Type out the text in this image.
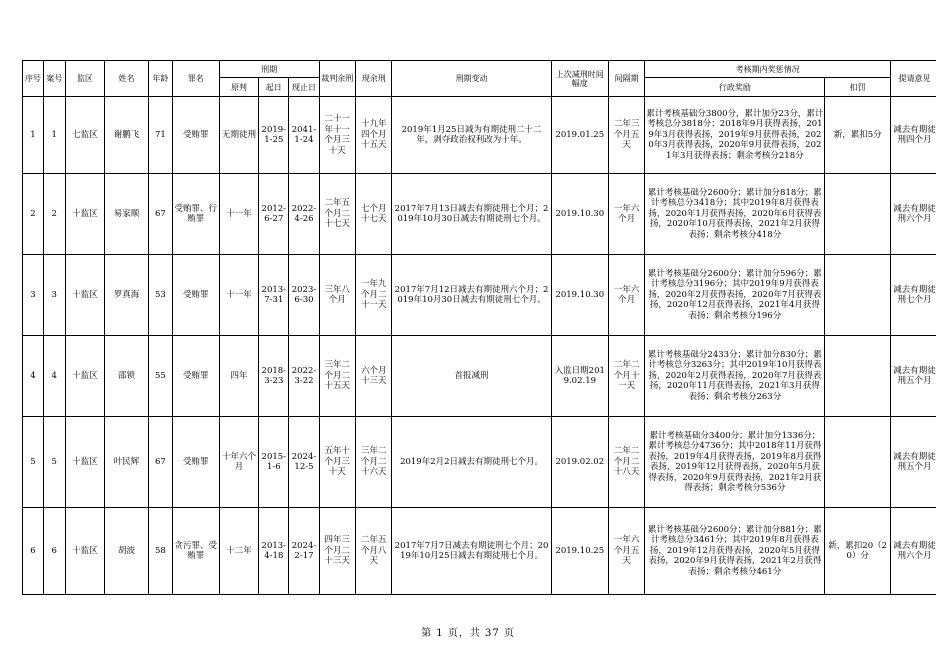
序号	案号	监区	姓名	年龄	罪名	刑期			裁判余刑	现余刑	刑期变动	上次减刑时间幅度	间隔期	考核期内奖惩情况		提请意见
						原判	起日	现止日						行政奖励	扣罚	
1	1	七监区	谢鹏飞	71	受贿罪	无期徒刑	2019-1-25	2041-1-24	二十一年十一个月三十天	十九年四个月十五天	2019年1月25日减为有期徒刑二十二年，剥夺政治权利改为十年。	2019.01.25	二年三个月五天	累计考核基础分3800分，累计加分23分，累计考核总分3818分；2018年9月获得表扬，2019年3月获得表扬，2019年9月获得表扬，2020年3月获得表扬，2020年9月获得表扬，2021年3月获得表扬；剩余考核分218分	新，累扣5分	减去有期徒刑四个月
2	2	十监区	易家顺	67	受贿罪、行贿罪	十一年	2012-6-27	2022-4-26	二年五个月二十七天	七个月十七天	2017年7月13日减去有期徒刑七个月；2019年10月30日减去有期徒刑七个月。	2019.10.30	一年六个月	累计考核基础分2600分；累计加分818分；累计考核总分3418分；其中2019年8月获得表扬，2020年1月获得表扬，2020年6月获得表扬，2020年10月获得表扬，2021年2月获得表扬；剩余考核分418分		减去有期徒刑六个月
3	3	十监区	罗真海	53	受贿罪	十一年	2013-7-31	2023-6-30	三年八个月	一年九个月二十一天	2017年7月12日减去有期徒刑六个月；2019年10月30日减去有期徒刑七个月。	2019.10.30	一年六个月	累计考核基础分2600分；累计加分596分；累计考核总分3196分；其中2019年9月获得表扬，2020年2月获得表扬，2020年7月获得表扬，2020年12月获得表扬，2021年4月获得表扬；剩余考核分196分		减去有期徒刑七个月
4	4	十监区	邵锁	55	受贿罪	四年	2018-3-23	2022-3-22	三年二个月二十五天	六个月十三天	首报减刑	入监日期2019.02.19	二年二个月十一天	累计考核基础分2433分；累计加分830分；累计考核总分3263分；其中2019年10月获得表扬，2020年2月获得表扬，2020年7月获得表扬，2020年11月获得表扬，2021年3月获得表扬；剩余考核分263分		减去有期徒刑五个月
5	5	十监区	叶民辉	67	受贿罪	十年六个月	2015-1-6	2024-12-5	五年十个月三十天	三年二个月二十六天	2019年2月2日减去有期徒刑七个月。	2019.02.02	二年二个月二十八天	累计考核基础分3400分；累计加分1336分；累计考核总分4736分；其中2018年11月获得表扬，2019年4月获得表扬，2019年8月获得表扬，2019年12月获得表扬，2020年5月获得表扬，2020年9月获得表扬，2021年2月获得表扬；剩余考核分536分		减去有期徒刑五个月
6	6	十监区	胡波	58	贪污罪、受贿罪	十二年	2013-4-18	2024-2-17	四年三个月二十三天	二年五个月八天	2017年7月7日减去有期徒刑七个月；2019年10月25日减去有期徒刑七个月。	2019.10.25	一年六个月五天	累计考核基础分2600分；累计加分881分；累计考核总分3461分；其中2019年8月获得表扬，2019年12月获得表扬，2020年5月获得表扬，2020年9月获得表扬，2021年2月获得表扬；剩余考核分461分	新，累扣20（20）分	减去有期徒刑六个月
第 1 页，共 37 页
